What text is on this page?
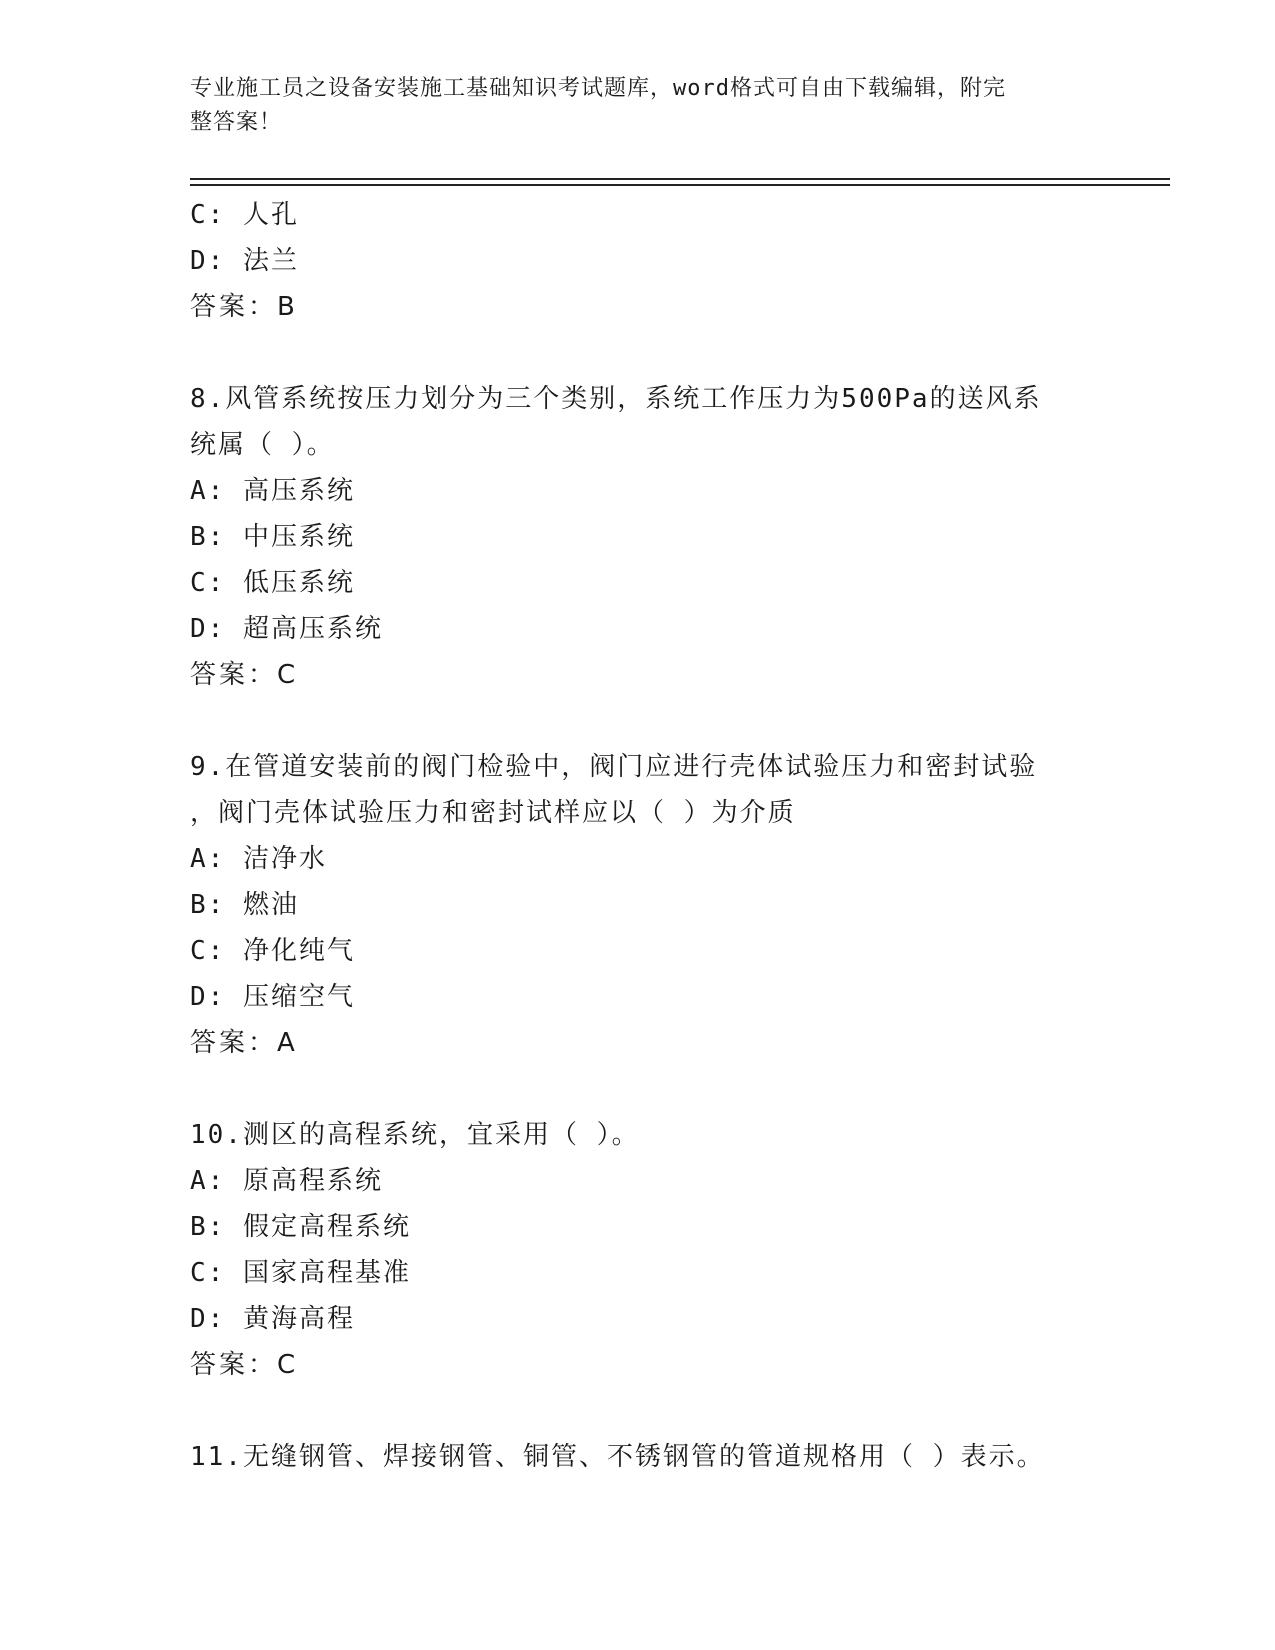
专业施工员之设备安装施工基础知识考试题库，word格式可自由下载编辑，附完
整答案！
C: 人孔
D: 法兰
答案：B
8.风管系统按压力划分为三个类别，系统工作压力为500Pa的送风系
统属（ ）。
A: 高压系统
B: 中压系统
C: 低压系统
D: 超高压系统
答案：C
9.在管道安装前的阀门检验中，阀门应进行壳体试验压力和密封试验
，阀门壳体试验压力和密封试样应以（ ）为介质
A: 洁净水
B: 燃油
C: 净化纯气
D: 压缩空气
答案：A
10.测区的高程系统，宜采用（ ）。
A: 原高程系统
B: 假定高程系统
C: 国家高程基准
D: 黄海高程
答案：C
11.无缝钢管、焊接钢管、铜管、不锈钢管的管道规格用（ ）表示。
